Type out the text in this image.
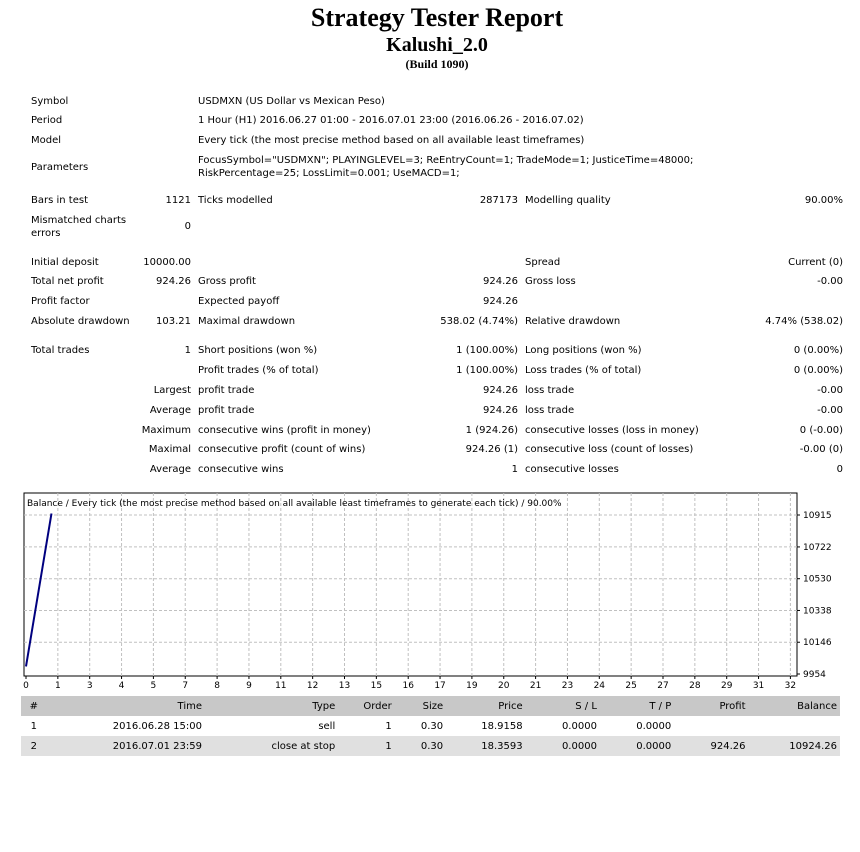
Strategy Tester Report
Kalushi_2.0
(Build 1090)
Symbol	USDMXN (US Dollar vs Mexican Peso)
Period	1 Hour (H1) 2016.06.27 01:00 - 2016.07.01 23:00 (2016.06.26 - 2016.07.02)
Model	Every tick (the most precise method based on all available least timeframes)
Parameters
FocusSymbol="USDMXN"; PLAYINGLEVEL=3; ReEntryCount=1; TradeMode=1; JusticeTime=48000; RiskPercentage=25; LossLimit=0.001; UseMACD=1;
Bars in test	1121 Ticks modelled	287173 Modelling quality	90.00%
Mismatched charts errors
0
Initial deposit	10000.00	Spread	Current (0)
Total net profit	924.26 Gross profit	924.26 Gross loss	-0.00
Profit factor	Expected payoff	924.26
Absolute drawdown	103.21 Maximal drawdown	538.02 (4.74%) Relative drawdown	4.74% (538.02)
Total trades	1 Short positions (won %)	1 (100.00%) Long positions (won %)	0 (0.00%)
Profit trades (% of total)	1 (100.00%) Loss trades (% of total)	0 (0.00%)
Largest profit trade	924.26 loss trade	-0.00
Average profit trade	924.26 loss trade	-0.00
Maximum consecutive wins (profit in money)	1 (924.26) consecutive losses (loss in money)	0 (-0.00)
Maximal consecutive profit (count of wins)	924.26 (1) consecutive loss (count of losses)	-0.00 (0)
Average consecutive wins	1 consecutive losses	0
Balance / Every tick (the most precise method based on all available least timeframes to generate each tick) / 90.00%
0	1	3	4	5	7	8	9	11 12 13 15 16 17 19 20 21 23 24 25 27 28 29 31 32
10915
10722
10530
10338
10146
9954
#	Time	Type	Order	Size	Price	S / L	T / P	Profit	Balance
1	2016.06.28 15:00	sell	1	0.30	18.9158	0.0000	0.0000		
2	2016.07.01 23:59	close at stop	1	0.30	18.3593	0.0000	0.0000	924.26	10924.26
